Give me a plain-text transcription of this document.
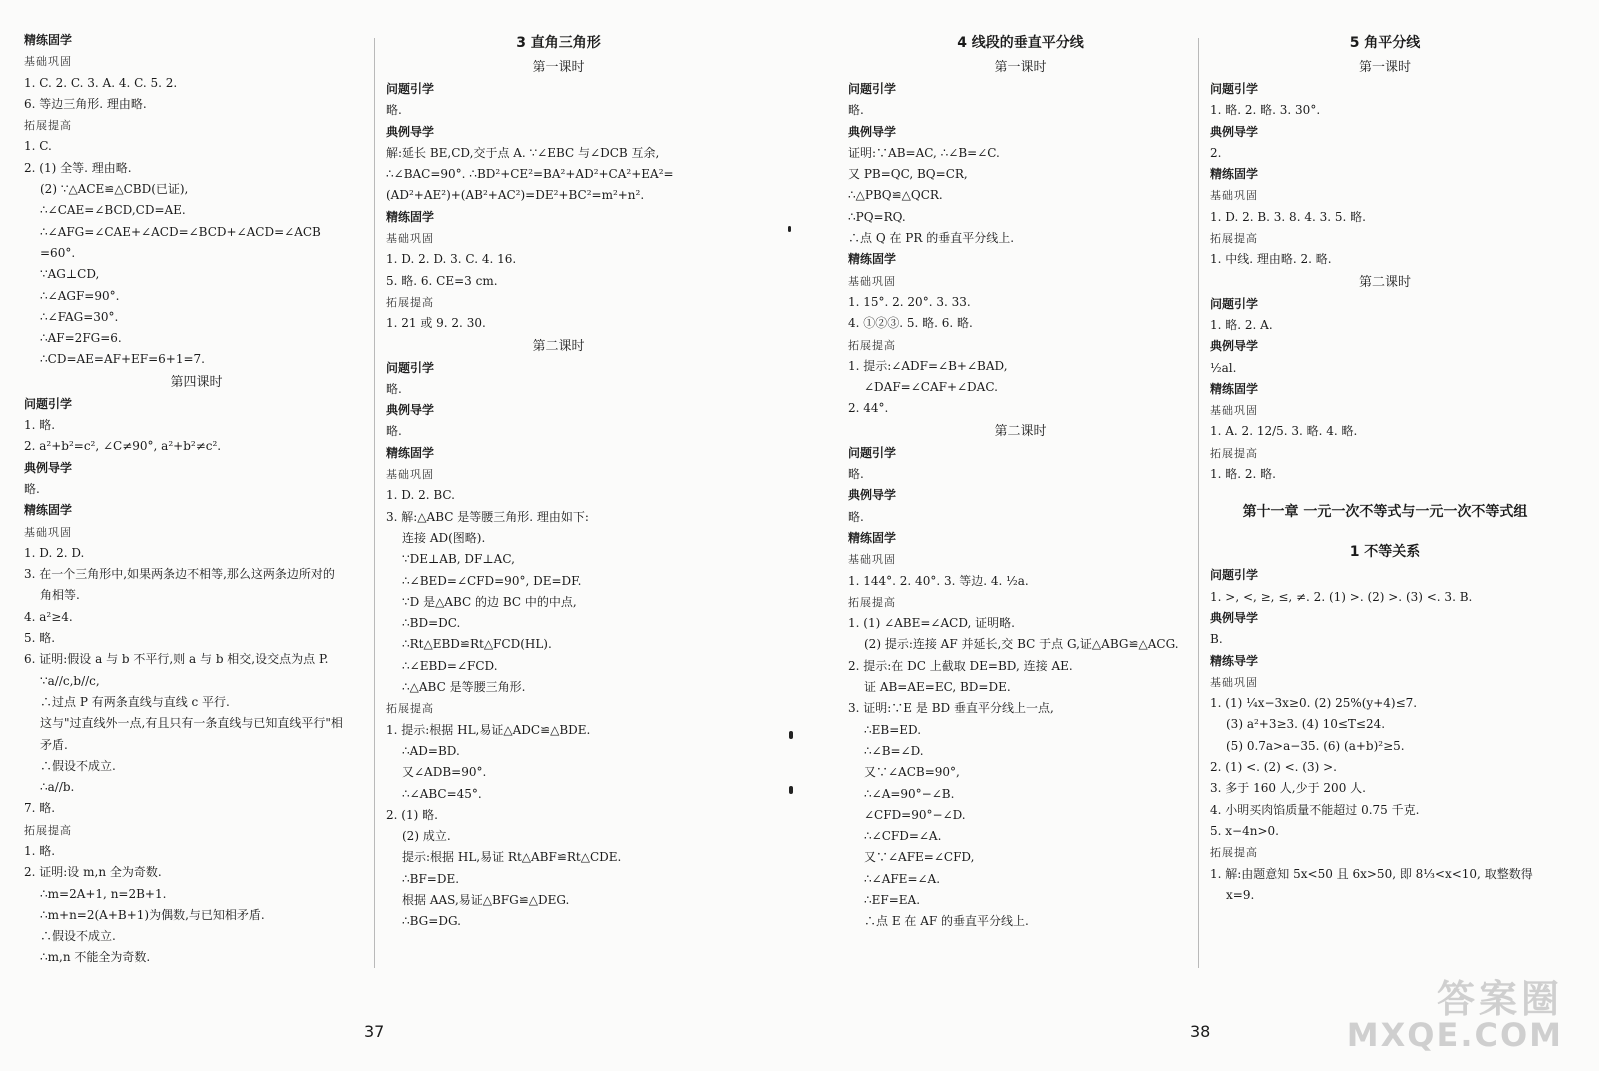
精练固学
基础巩固
1. C. 2. C. 3. A. 4. C. 5. 2.
6. 等边三角形. 理由略.
拓展提高
1. C.
2. (1) 全等. 理由略.
(2) ∵△ACE≌△CBD(已证),
∴∠CAE=∠BCD,CD=AE.
∴∠AFG=∠CAE+∠ACD=∠BCD+∠ACD=∠ACB
=60°.
∵AG⊥CD,
∴∠AGF=90°.
∴∠FAG=30°.
∴AF=2FG=6.
∴CD=AE=AF+EF=6+1=7.
第四课时
问题引学
1. 略.
2. a²+b²=c², ∠C≠90°, a²+b²≠c².
典例导学
略.
精练固学
基础巩固
1. D. 2. D.
3. 在一个三角形中,如果两条边不相等,那么这两条边所对的
角相等.
4. a²≥4.
5. 略.
6. 证明:假设 a 与 b 不平行,则 a 与 b 相交,设交点为点 P.
∵a//c,b//c,
∴过点 P 有两条直线与直线 c 平行.
这与"过直线外一点,有且只有一条直线与已知直线平行"相
矛盾.
∴假设不成立.
∴a//b.
7. 略.
拓展提高
1. 略.
2. 证明:设 m,n 全为奇数.
∴m=2A+1, n=2B+1.
∴m+n=2(A+B+1)为偶数,与已知相矛盾.
∴假设不成立.
∴m,n 不能全为奇数.
3 直角三角形
第一课时
问题引学
略.
典例导学
解:延长 BE,CD,交于点 A. ∵∠EBC 与∠DCB 互余,
∴∠BAC=90°. ∴BD²+CE²=BA²+AD²+CA²+EA²=
(AD²+AE²)+(AB²+AC²)=DE²+BC²=m²+n².
精练固学
基础巩固
1. D. 2. D. 3. C. 4. 16.
5. 略. 6. CE=3 cm.
拓展提高
1. 21 或 9. 2. 30.
第二课时
问题引学
略.
典例导学
略.
精练固学
基础巩固
1. D. 2. BC.
3. 解:△ABC 是等腰三角形. 理由如下:
连接 AD(图略).
∵DE⊥AB, DF⊥AC,
∴∠BED=∠CFD=90°, DE=DF.
∵D 是△ABC 的边 BC 中的中点,
∴BD=DC.
∴Rt△EBD≌Rt△FCD(HL).
∴∠EBD=∠FCD.
∴△ABC 是等腰三角形.
拓展提高
1. 提示:根据 HL,易证△ADC≌△BDE.
∴AD=BD.
又∠ADB=90°.
∴∠ABC=45°.
2. (1) 略.
(2) 成立.
提示:根据 HL,易证 Rt△ABF≌Rt△CDE.
∴BF=DE.
根据 AAS,易证△BFG≌△DEG.
∴BG=DG.
4 线段的垂直平分线
第一课时
问题引学
略.
典例导学
证明:∵AB=AC, ∴∠B=∠C.
又 PB=QC, BQ=CR,
∴△PBQ≌△QCR.
∴PQ=RQ.
∴点 Q 在 PR 的垂直平分线上.
精练固学
基础巩固
1. 15°. 2. 20°. 3. 33.
4. ①②③. 5. 略. 6. 略.
拓展提高
1. 提示:∠ADF=∠B+∠BAD,
∠DAF=∠CAF+∠DAC.
2. 44°.
第二课时
问题引学
略.
典例导学
略.
精练固学
基础巩固
1. 144°. 2. 40°. 3. 等边. 4. ½a.
拓展提高
1. (1) ∠ABE=∠ACD, 证明略.
(2) 提示:连接 AF 并延长,交 BC 于点 G,证△ABG≌△ACG.
2. 提示:在 DC 上截取 DE=BD, 连接 AE.
证 AB=AE=EC, BD=DE.
3. 证明:∵E 是 BD 垂直平分线上一点,
∴EB=ED.
∴∠B=∠D.
又∵∠ACB=90°,
∴∠A=90°−∠B.
∠CFD=90°−∠D.
∴∠CFD=∠A.
又∵∠AFE=∠CFD,
∴∠AFE=∠A.
∴EF=EA.
∴点 E 在 AF 的垂直平分线上.
5 角平分线
第一课时
问题引学
1. 略. 2. 略. 3. 30°.
典例导学
2.
精练固学
基础巩固
1. D. 2. B. 3. 8. 4. 3. 5. 略.
拓展提高
1. 中线. 理由略. 2. 略.
第二课时
问题引学
1. 略. 2. A.
典例导学
½al.
精练固学
基础巩固
1. A. 2. 12/5. 3. 略. 4. 略.
拓展提高
1. 略. 2. 略.
第十一章 一元一次不等式与一元一次不等式组
1 不等关系
问题引学
1. >, <, ≥, ≤, ≠. 2. (1) >. (2) >. (3) <. 3. B.
典例导学
B.
精练导学
基础巩固
1. (1) ¼x−3x≥0. (2) 25%(y+4)≤7.
(3) a²+3≥3. (4) 10≤T≤24.
(5) 0.7a>a−35. (6) (a+b)²≥5.
2. (1) <. (2) <. (3) >.
3. 多于 160 人,少于 200 人.
4. 小明买肉馅质量不能超过 0.75 千克.
5. x−4n>0.
拓展提高
1. 解:由题意知 5x<50 且 6x>50, 即 8⅓<x<10, 取整数得
x=9.
37	38
答案圈
MXQE.COM
